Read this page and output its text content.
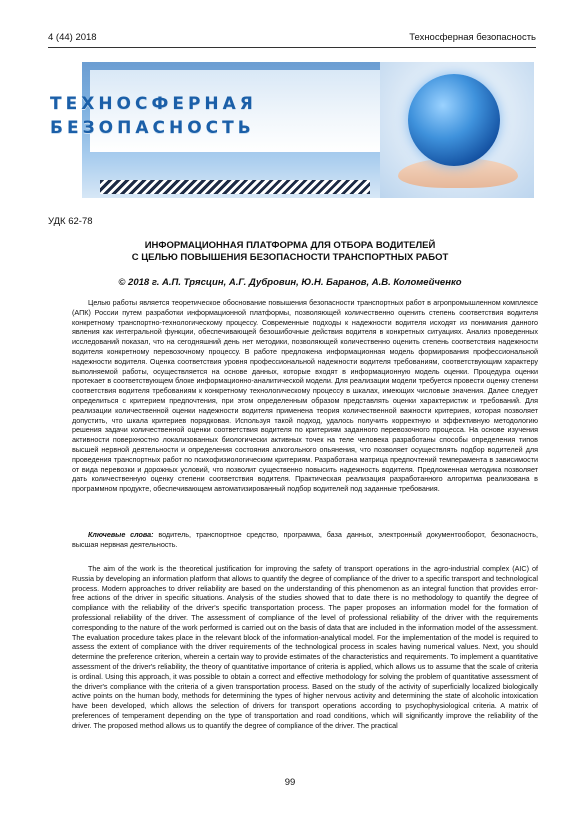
4 (44) 2018	Техносферная безопасность
ТЕХНОСФЕРНАЯ
БЕЗОПАСНОСТЬ
УДК 62-78
ИНФОРМАЦИОННАЯ ПЛАТФОРМА ДЛЯ ОТБОРА ВОДИТЕЛЕЙ
С ЦЕЛЬЮ ПОВЫШЕНИЯ БЕЗОПАСНОСТИ ТРАНСПОРТНЫХ РАБОТ
© 2018 г. А.П. Трясцин, А.Г. Дубровин, Ю.Н. Баранов, А.В. Коломейченко

Целью работы является теоретическое обоснование повышения безопасности транспортных работ в агропромышленном комплексе (АПК) России путем разработки информационной платформы, позволяющей количественно оценить степень соответствия водителя конкретному транспортно-технологическому процессу. Современные подходы к надежности водителя исходят из понимания данного явления как интегральной функции, обеспечивающей безошибочные действия водителя в конкретных ситуациях. Анализ проведенных исследований показал, что на сегодняшний день нет методики, позволяющей количественно оценить степень соответствия надежности водителя конкретному перевозочному процессу. В работе предложена информационная модель формирования профессиональной надежности водителя. Оценка соответствия уровня профессиональной надежности водителя требованиям, соответствующим характеру выполняемой работы, осуществляется на основе данных, которые входят в информационную модель оценки. Процедура оценки протекает в соответствующем блоке информационно-аналитической модели. Для реализации модели требуется провести оценку степени соответствия водителя требованиям к конкретному технологическому процессу в шкалах, имеющих числовые значения. Далее следует определиться с критерием предпочтения, при этом определенным образом представлять оценки характеристик и требований. Для реализации количественной оценки надежности водителя применена теория количественной важности критериев, которая позволяет допустить, что шкала критериев порядковая. Используя такой подход, удалось получить корректную и эффективную методологию решения задачи количественной оценки соответствия водителя по критериям заданного перевозочного процесса. На основе изучения активности поверхностно локализованных биологически активных точек на теле человека разработаны способы определения типов высшей нервной деятельности и определения состояния алкогольного опьянения, что позволяет осуществлять подбор водителей для проведения транспортных работ по психофизиологическим критериям. Разработана матрица предпочтений темперамента в зависимости от вида перевозки и дорожных условий, что позволит существенно повысить надежность водителя. Предложенная методика позволяет дать количественную оценку степени соответствия водителя. Практическая реализация разработанного алгоритма реализована в программном продукте, обеспечивающем автоматизированный подбор водителей под заданные требования.

Ключевые слова: водитель, транспортное средство, программа, база данных, электронный документооборот, безопасность, высшая нервная деятельность.

The aim of the work is the theoretical justification for improving the safety of transport operations in the agro-industrial complex (AIC) of Russia by developing an information platform that allows to quantify the degree of compliance of the driver to a specific transport and technological process. Modern approaches to driver reliability are based on the understanding of this phenomenon as an integral function that provides error-free actions of the driver in specific situations. Analysis of the studies showed that to date there is no methodology to quantify the degree of compliance with the reliability of the driver's specific transportation process. The paper proposes an information model for the formation of professional reliability of the driver. The assessment of compliance of the level of professional reliability of the driver with the requirements corresponding to the nature of the work performed is carried out on the basis of data that are included in the information model of the assessment. The evaluation procedure takes place in the relevant block of the information-analytical model. For the implementation of the model is required to assess the extent of compliance with the driver requirements of the technological process in scales having numerical values. Next, you should determine the preference criterion, wherein a certain way to provide estimates of the characteristics and requirements. To implement a quantitative assessment of the driver's reliability, the theory of quantitative importance of criteria is applied, which allows us to assume that the scale of criteria is ordinal. Using this approach, it was possible to obtain a correct and effective methodology for solving the problem of quantitative assessment of the driver's compliance with the criteria of a given transportation process. Based on the study of the activity of superficially localized biologically active points on the human body, methods for determining the types of higher nervous activity and determining the state of alcoholic intoxication have been developed, which allows the selection of drivers for transport operations according to psychophysiological criteria. A matrix of preferences of temperament depending on the type of transportation and road conditions, which will significantly improve the reliability of the driver. The proposed method allows us to quantify the degree of compliance of the driver. The practical

99
